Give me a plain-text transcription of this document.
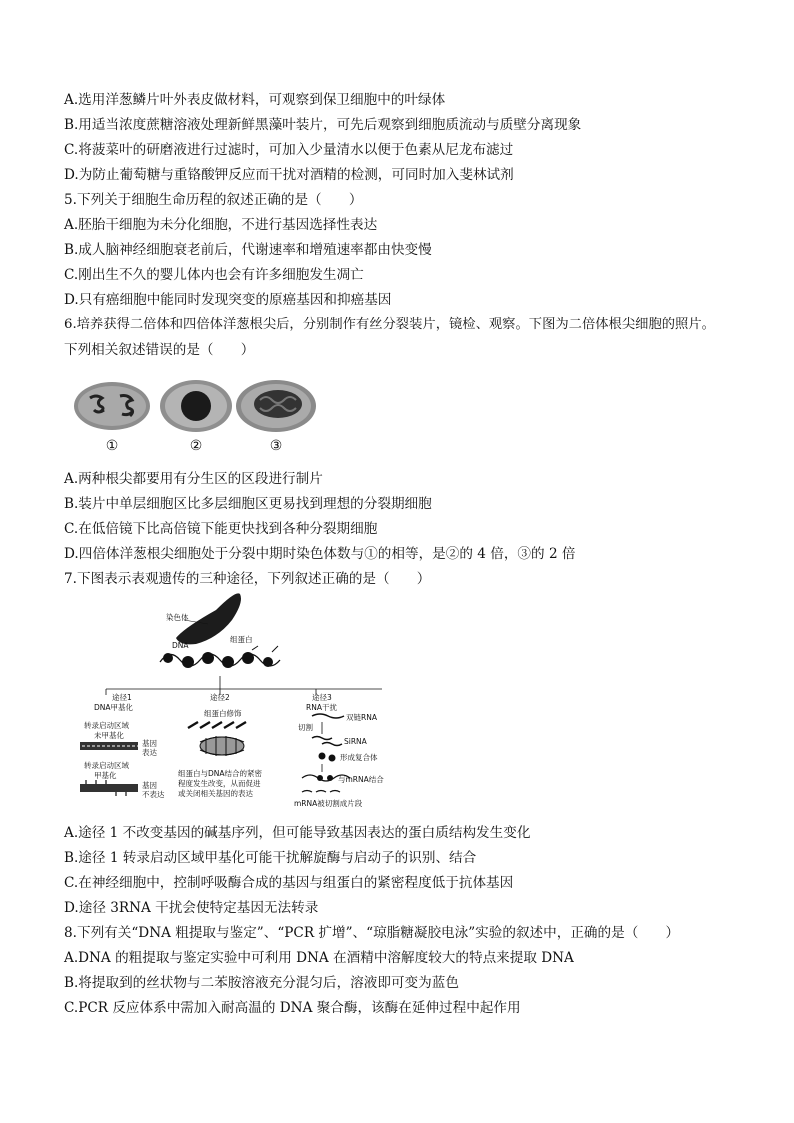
A.选用洋葱鳞片叶外表皮做材料，可观察到保卫细胞中的叶绿体
B.用适当浓度蔗糖溶液处理新鲜黑藻叶装片，可先后观察到细胞质流动与质壁分离现象
C.将菠菜叶的研磨液进行过滤时，可加入少量清水以便于色素从尼龙布滤过
D.为防止葡萄糖与重铬酸钾反应而干扰对酒精的检测，可同时加入斐林试剂
5.下列关于细胞生命历程的叙述正确的是（　　）
A.胚胎干细胞为未分化细胞，不进行基因选择性表达
B.成人脑神经细胞衰老前后，代谢速率和增殖速率都由快变慢
C.刚出生不久的婴儿体内也会有许多细胞发生凋亡
D.只有癌细胞中能同时发现突变的原癌基因和抑癌基因
6.培养获得二倍体和四倍体洋葱根尖后，分别制作有丝分裂装片，镜检、观察。下图为二倍体根尖细胞的照片。
下列相关叙述错误的是（　　）
①	②	③
A.两种根尖都要用有分生区的区段进行制片
B.装片中单层细胞区比多层细胞区更易找到理想的分裂期细胞
C.在低倍镜下比高倍镜下能更快找到各种分裂期细胞
D.四倍体洋葱根尖细胞处于分裂中期时染色体数与①的相等，是②的 4 倍，③的 2 倍
7.下图表示表观遗传的三种途径，下列叙述正确的是（　　）
染色体
DNA
组蛋白
途径1
DNA甲基化
转录启动区域
未甲基化
基因
表达
转录启动区域
甲基化
基因
不表达
途径2
组蛋白修饰
组蛋白与DNA结合的紧密
程度发生改变，从而促进
或关闭相关基因的表达
途径3
RNA干扰
双链RNA
切割
SiRNA
形成复合体
与mRNA结合
mRNA被切割成片段
A.途径 1 不改变基因的碱基序列，但可能导致基因表达的蛋白质结构发生变化
B.途径 1 转录启动区域甲基化可能干扰解旋酶与启动子的识别、结合
C.在神经细胞中，控制呼吸酶合成的基因与组蛋白的紧密程度低于抗体基因
D.途径 3RNA 干扰会使特定基因无法转录
8.下列有关“DNA 粗提取与鉴定”、“PCR 扩增”、“琼脂糖凝胶电泳”实验的叙述中，正确的是（　　）
A.DNA 的粗提取与鉴定实验中可利用 DNA 在酒精中溶解度较大的特点来提取 DNA
B.将提取到的丝状物与二苯胺溶液充分混匀后，溶液即可变为蓝色
C.PCR 反应体系中需加入耐高温的 DNA 聚合酶，该酶在延伸过程中起作用
